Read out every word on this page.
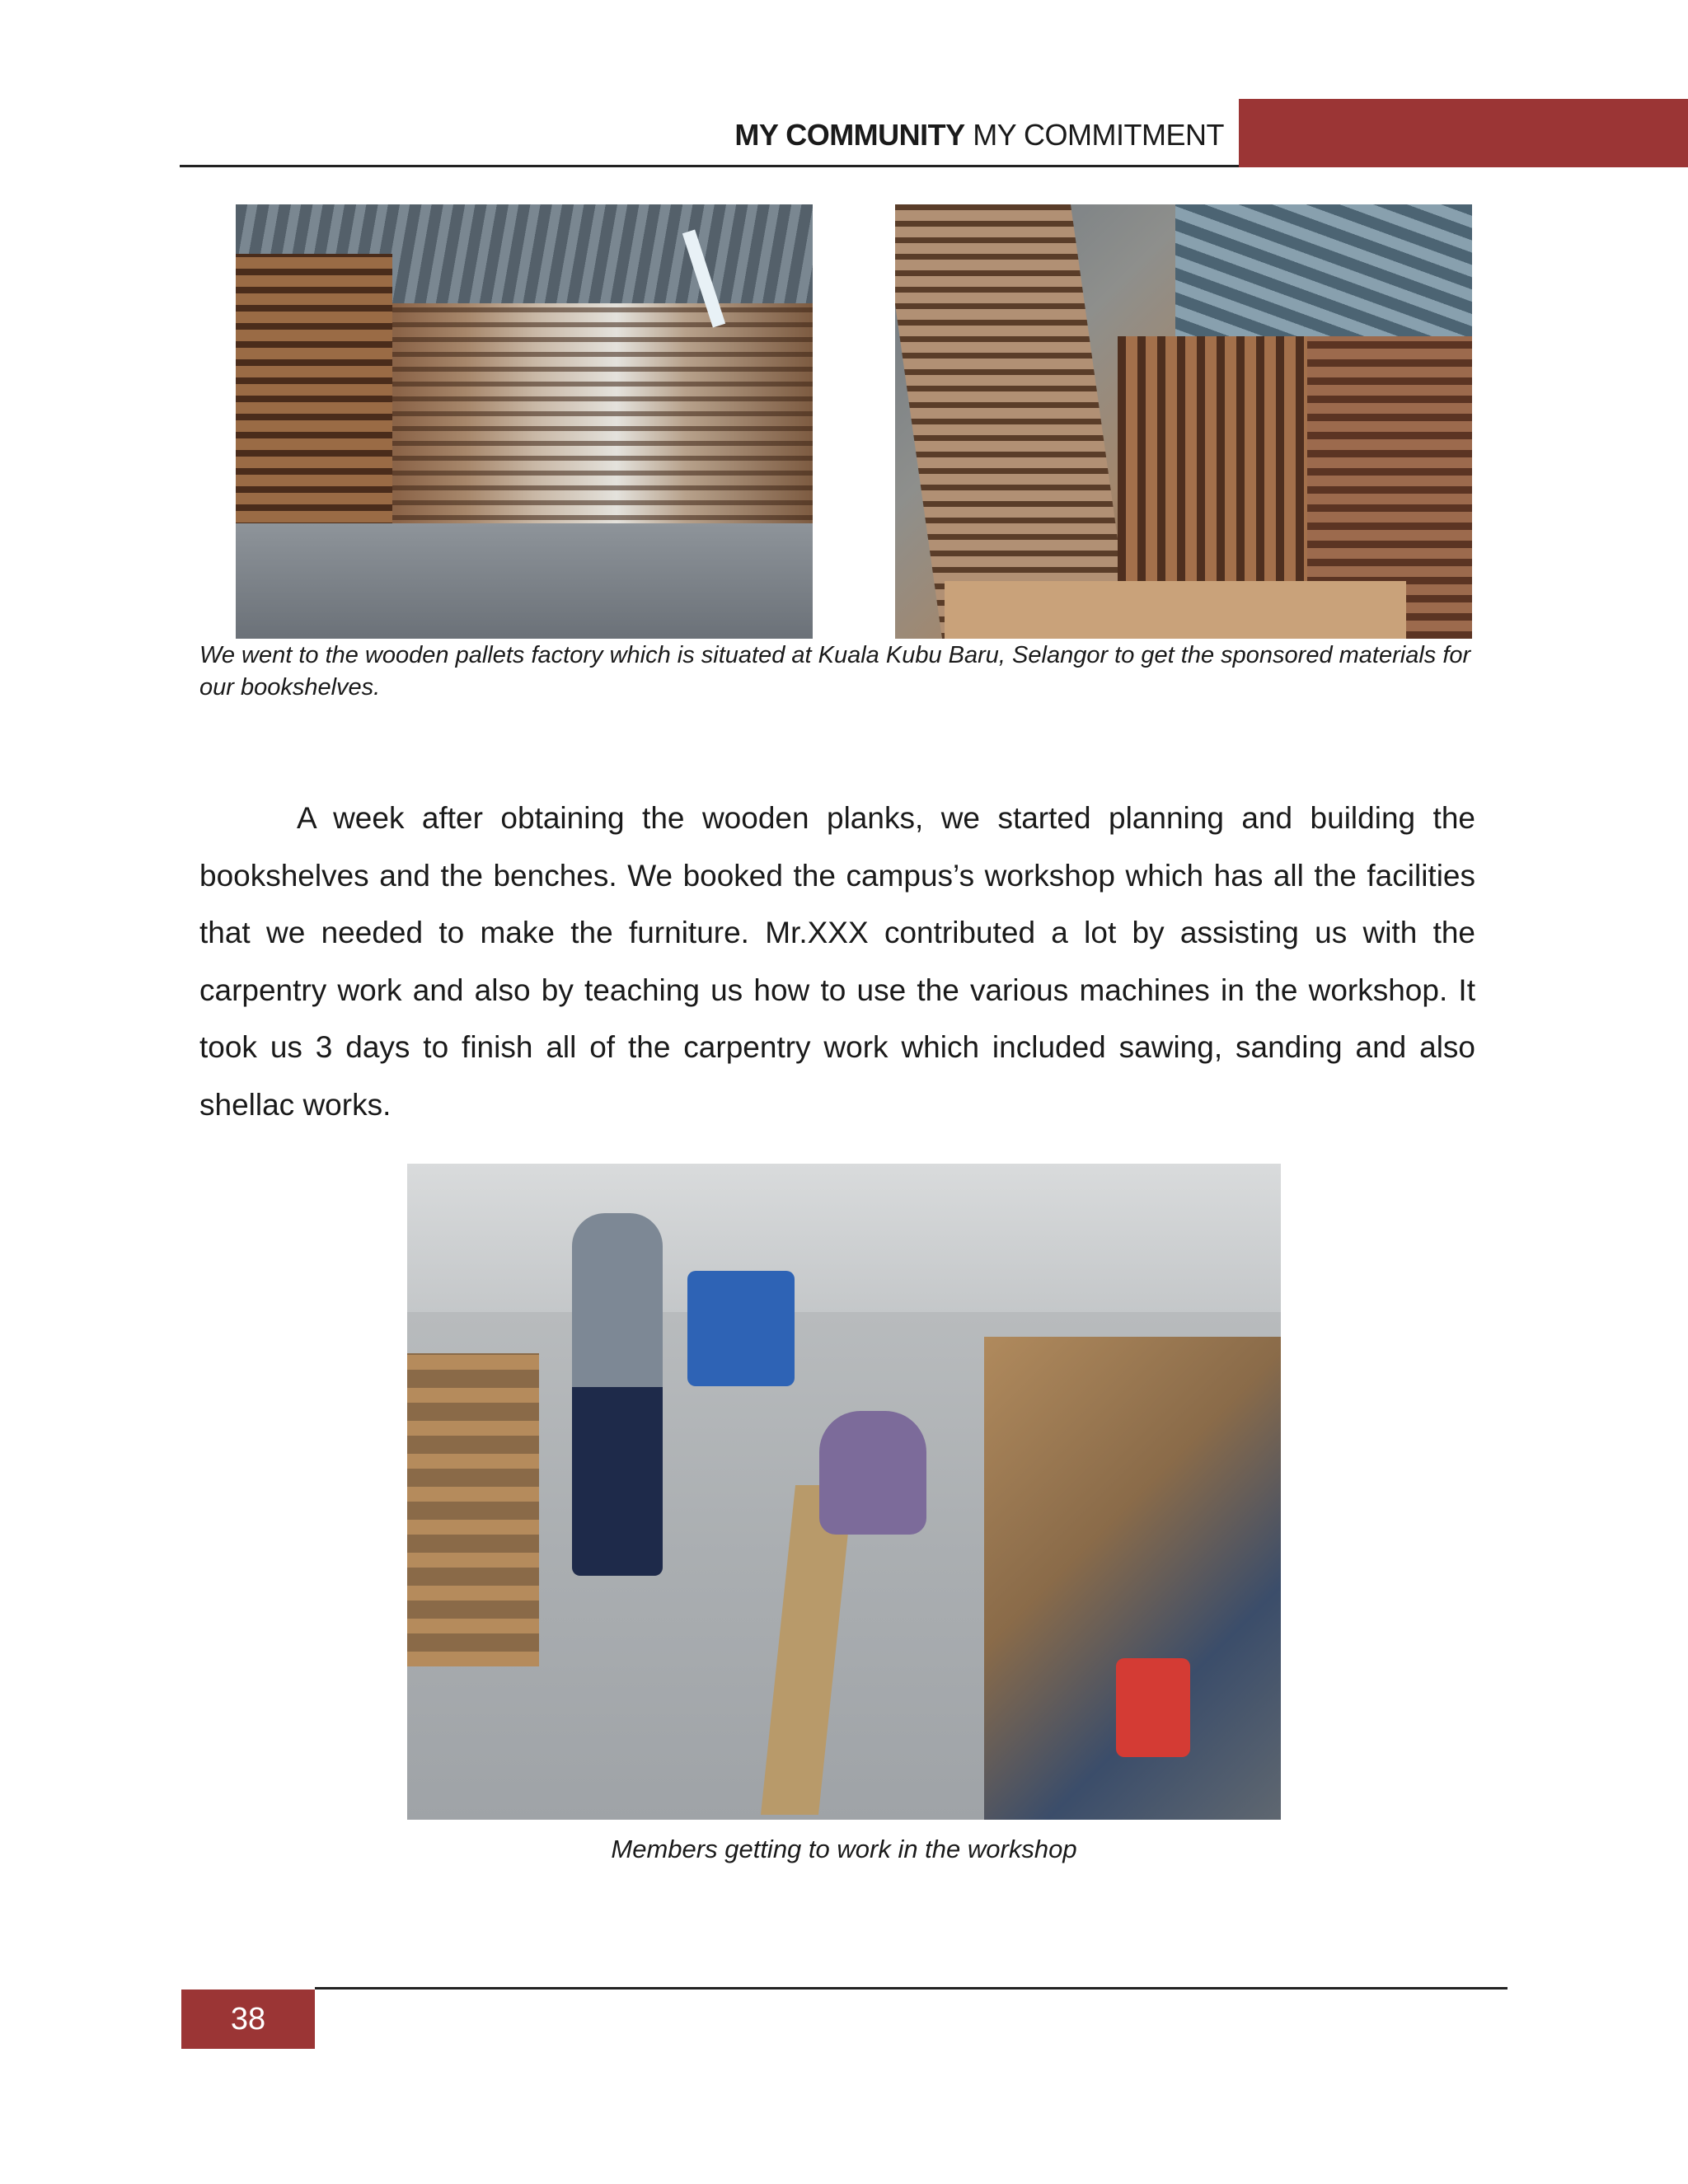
MY COMMUNITY MY COMMITMENT
We went to the wooden pallets factory which is situated at Kuala Kubu Baru, Selangor to get the sponsored materials for our bookshelves.

A week after obtaining the wooden planks, we started planning and building the bookshelves and the benches. We booked the campus’s workshop which has all the facilities that we needed to make the furniture. Mr.XXX contributed a lot by assisting us with the carpentry work and also by teaching us how to use the various machines in the workshop. It took us 3 days to finish all of the carpentry work which included sawing, sanding and also shellac works.

Members getting to work in the workshop
38
